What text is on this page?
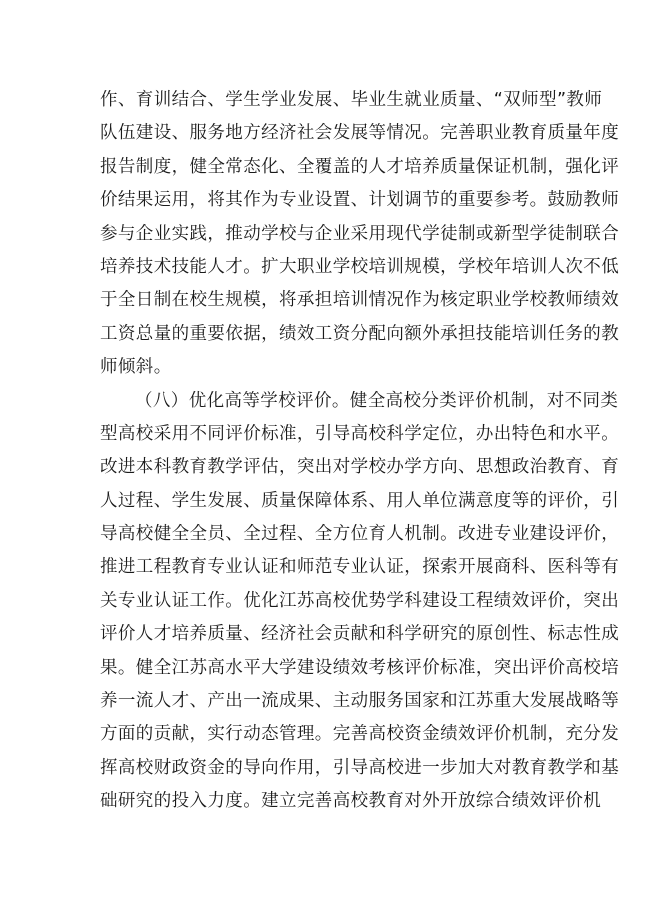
作、育训结合、学生学业发展、毕业生就业质量、“双师型”教师
队伍建设、服务地方经济社会发展等情况。完善职业教育质量年度
报告制度，健全常态化、全覆盖的人才培养质量保证机制，强化评
价结果运用，将其作为专业设置、计划调节的重要参考。鼓励教师
参与企业实践，推动学校与企业采用现代学徒制或新型学徒制联合
培养技术技能人才。扩大职业学校培训规模，学校年培训人次不低
于全日制在校生规模，将承担培训情况作为核定职业学校教师绩效
工资总量的重要依据，绩效工资分配向额外承担技能培训任务的教
师倾斜。
（八）优化高等学校评价。健全高校分类评价机制，对不同类
型高校采用不同评价标准，引导高校科学定位，办出特色和水平。
改进本科教育教学评估，突出对学校办学方向、思想政治教育、育
人过程、学生发展、质量保障体系、用人单位满意度等的评价，引
导高校健全全员、全过程、全方位育人机制。改进专业建设评价，
推进工程教育专业认证和师范专业认证，探索开展商科、医科等有
关专业认证工作。优化江苏高校优势学科建设工程绩效评价，突出
评价人才培养质量、经济社会贡献和科学研究的原创性、标志性成
果。健全江苏高水平大学建设绩效考核评价标准，突出评价高校培
养一流人才、产出一流成果、主动服务国家和江苏重大发展战略等
方面的贡献，实行动态管理。完善高校资金绩效评价机制，充分发
挥高校财政资金的导向作用，引导高校进一步加大对教育教学和基
础研究的投入力度。建立完善高校教育对外开放综合绩效评价机
